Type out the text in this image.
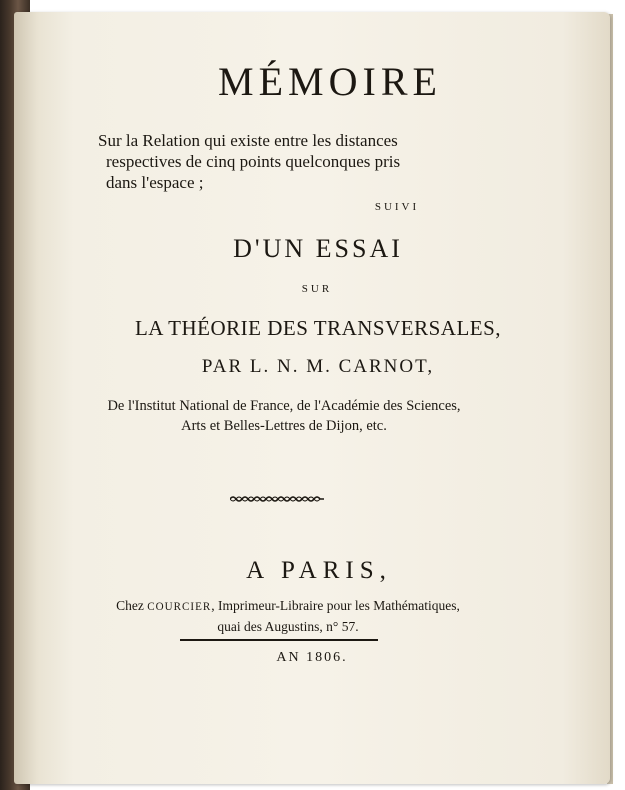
MÉMOIRE
Sur la Relation qui existe entre les distances
respectives de cinq points quelconques pris
dans l'espace ;
SUIVI
D'UN ESSAI
SUR
LA THÉORIE DES TRANSVERSALES,
PAR L. N. M. CARNOT,
De l'Institut National de France, de l'Académie des Sciences,
Arts et Belles-Lettres de Dijon, etc.
A PARIS,
Chez COURCIER, Imprimeur-Libraire pour les Mathématiques,
quai des Augustins, n° 57.
AN 1806.
